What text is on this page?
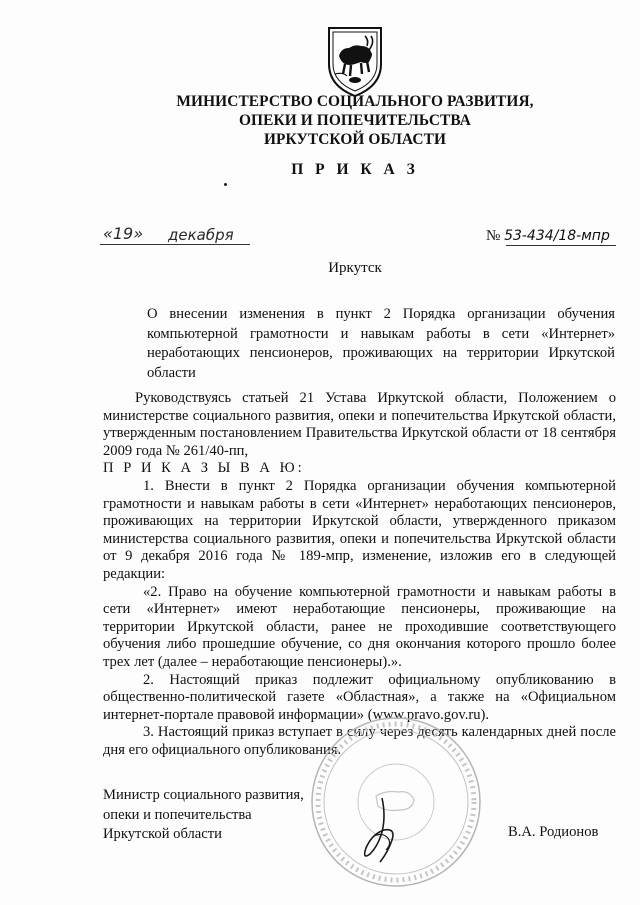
МИНИСТЕРСТВО СОЦИАЛЬНОГО РАЗВИТИЯ,
ОПЕКИ И ПОПЕЧИТЕЛЬСТВА
ИРКУТСКОЙ ОБЛАСТИ
П Р И К А З
«19» декабря	№ 53-434/18-мпр
Иркутск
О внесении изменения в пункт 2 Порядка организации обучения компьютерной грамотности и навыкам работы в сети «Интернет» неработающих пенсионеров, проживающих на территории Иркутской области

Руководствуясь статьей 21 Устава Иркутской области, Положением о министерстве социального развития, опеки и попечительства Иркутской области, утвержденным постановлением Правительства Иркутской области от 18 сентября 2009 года № 261/40-пп,

П Р И К А З Ы В А Ю:

1. Внести в пункт 2 Порядка организации обучения компьютерной грамотности и навыкам работы в сети «Интернет» неработающих пенсионеров, проживающих на территории Иркутской области, утвержденного приказом министерства социального развития, опеки и попечительства Иркутской области от 9 декабря 2016 года № 189-мпр, изменение, изложив его в следующей редакции:

«2. Право на обучение компьютерной грамотности и навыкам работы в сети «Интернет» имеют неработающие пенсионеры, проживающие на территории Иркутской области, ранее не проходившие соответствующего обучения либо прошедшие обучение, со дня окончания которого прошло более трех лет (далее – неработающие пенсионеры).».

2. Настоящий приказ подлежит официальному опубликованию в общественно-политической газете «Областная», а также на «Официальном интернет-портале правовой информации» (www.pravo.gov.ru).

3. Настоящий приказ вступает в силу через десять календарных дней после дня его официального опубликования.

Министр социального развития,
опеки и попечительства
Иркутской области	В.А. Родионов
